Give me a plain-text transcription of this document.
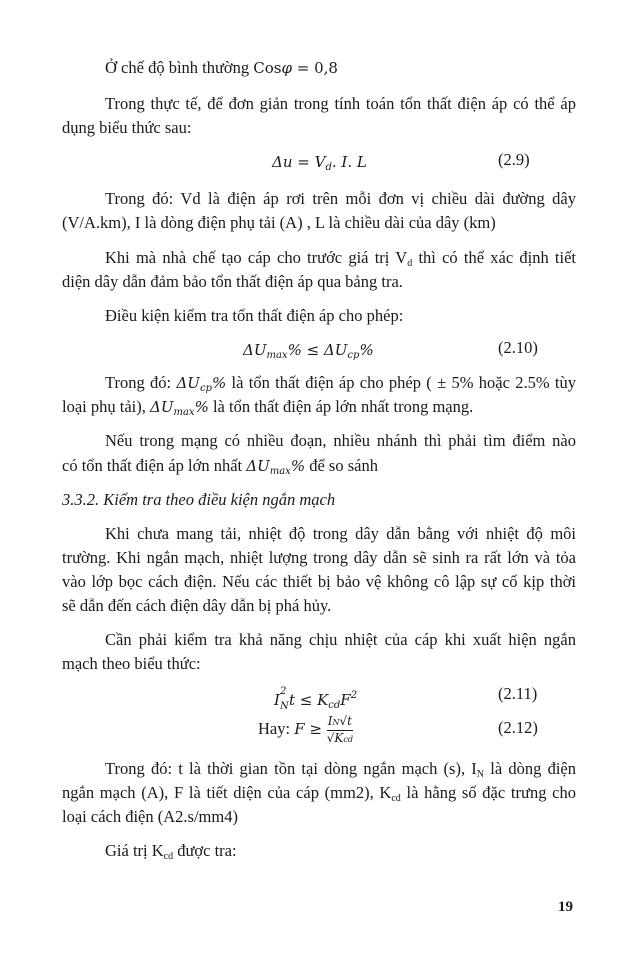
Ở chế độ bình thường Cosφ = 0,8
Trong thực tế, để đơn giản trong tính toán tổn thất điện áp có thể áp
dụng biểu thức sau:
$\Delta u = V_d$. I. L	(2.9)
Trong đó: Vd là điện áp rơi trên mỗi đơn vị chiều dài đường dây
(V/A.km), I là dòng điện phụ tải (A) , L là chiều dài của dây (km)
Khi mà nhà chế tạo cáp cho trước giá trị $V_d$ thì có thể xác định tiết
diện dây dẫn đảm bảo tổn thất điện áp qua bảng tra.
Điều kiện kiểm tra tổn thất điện áp cho phép:
$\Delta U_{max}\% \le \Delta U_{cp}\%$	(2.10)
Trong đó: $\Delta U_{cp}\%$ là tổn thất điện áp cho phép ( ± 5% hoặc 2.5% tùy
loại phụ tải), $\Delta U_{max}\%$ là tổn thất điện áp lớn nhất trong mạng.
Nếu trong mạng có nhiều đoạn, nhiều nhánh thì phải tìm điểm nào
có tổn thất điện áp lớn nhất $\Delta U_{max}\%$ để so sánh
3.3.2. Kiểm tra theo điều kiện ngắn mạch
Khi chưa mang tải, nhiệt độ trong dây dẫn bằng với nhiệt độ môi
trường. Khi ngắn mạch, nhiệt lượng trong dây dẫn sẽ sinh ra rất lớn và tỏa
vào lớp bọc cách điện. Nếu các thiết bị bảo vệ không cô lập sự cố kịp thời
sẽ dẫn đến cách điện dây dẫn bị phá hủy.
Cần phải kiểm tra khả năng chịu nhiệt của cáp khi xuất hiện ngắn
mạch theo biểu thức:
I 2
N $t \le K_{cd}F^2$	(2.11)
Hay: $F \ge \frac{IN√t}{\text{√Kcd}}$	(2.12)
Trong đó: t là thời gian tồn tại dòng ngắn mạch (s), $I_N$ là dòng điện
ngắn mạch (A), F là tiết diện của cáp (mm2), $K_{cd}$ là hằng số đặc trưng cho
loại cách điện (A2.s/mm4)
Giá trị $K_{cd}$ được tra:
19
